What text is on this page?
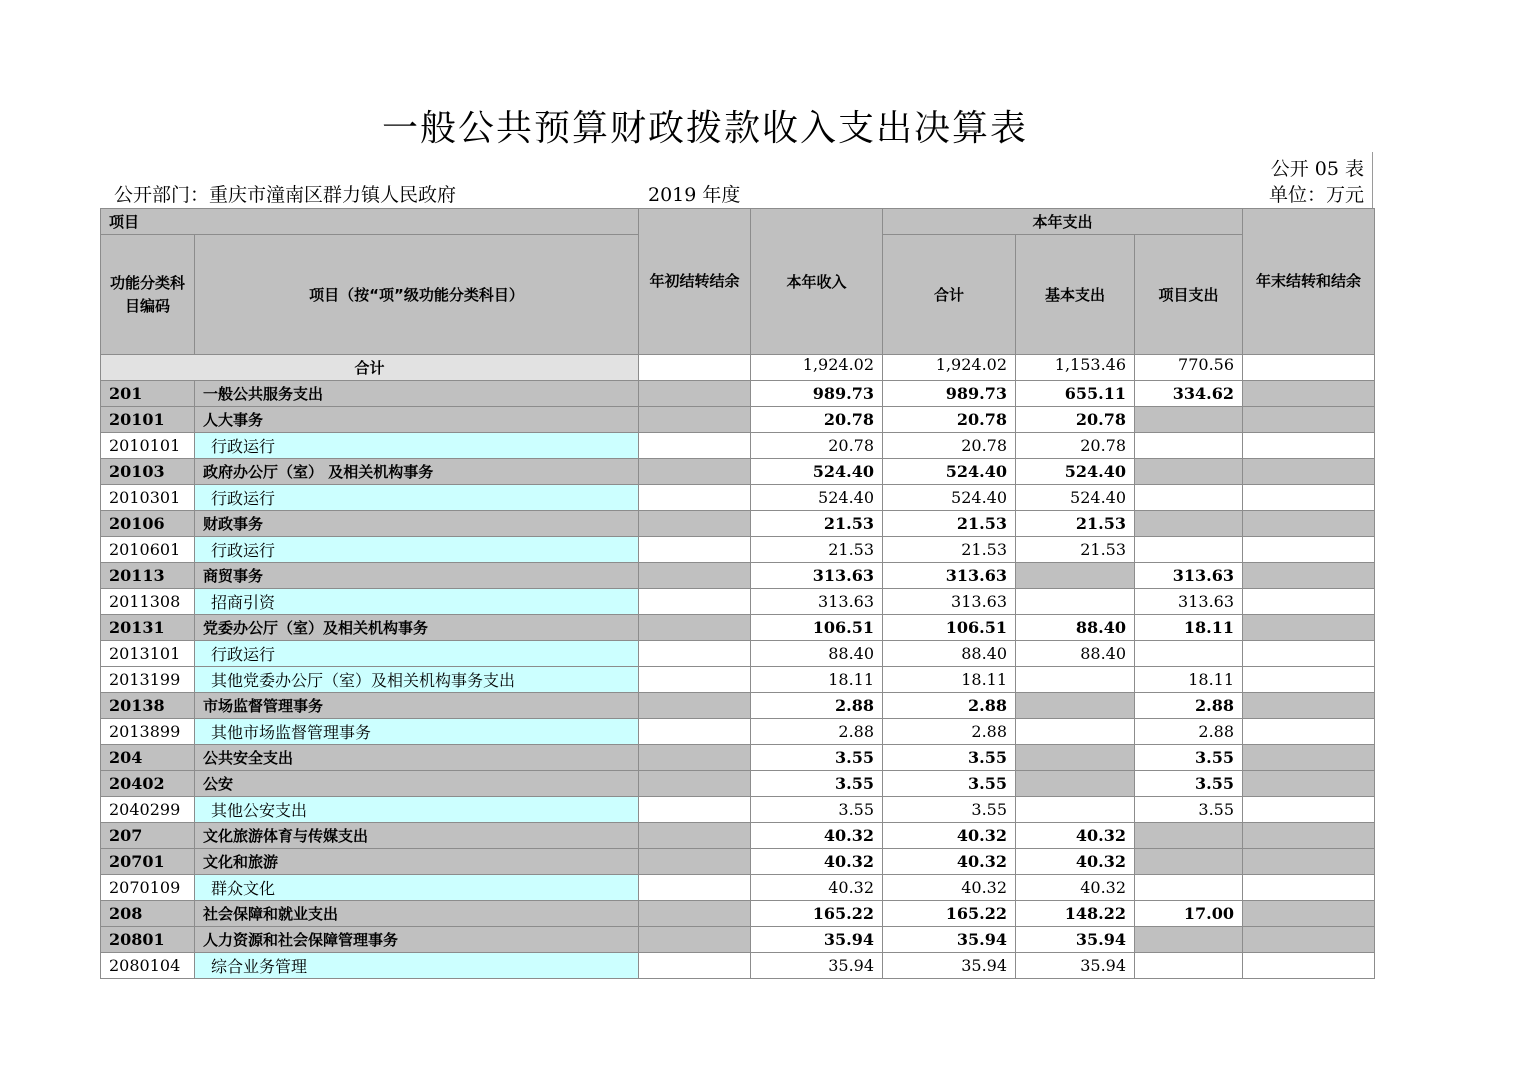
一般公共预算财政拨款收入支出决算表
公开部门：重庆市潼南区群力镇人民政府	2019 年度
公开 05 表
单位：万元
项目		年初结转结余	本年收入	本年支出			年末结转和结余
功能分类科目编码	项目（按“项”级功能分类科目）			合计	基本支出	项目支出	
合计			1,924.02	1,924.02	1,153.46	770.56	
201	一般公共服务支出		989.73	989.73	655.11	334.62	
20101	人大事务		20.78	20.78	20.78		
2010101	行政运行		20.78	20.78	20.78		
20103	政府办公厅（室） 及相关机构事务		524.40	524.40	524.40		
2010301	行政运行		524.40	524.40	524.40		
20106	财政事务		21.53	21.53	21.53		
2010601	行政运行		21.53	21.53	21.53		
20113	商贸事务		313.63	313.63		313.63	
2011308	招商引资		313.63	313.63		313.63	
20131	党委办公厅（室）及相关机构事务		106.51	106.51	88.40	18.11	
2013101	行政运行		88.40	88.40	88.40		
2013199	其他党委办公厅（室）及相关机构事务支出		18.11	18.11		18.11	
20138	市场监督管理事务		2.88	2.88		2.88	
2013899	其他市场监督管理事务		2.88	2.88		2.88	
204	公共安全支出		3.55	3.55		3.55	
20402	公安		3.55	3.55		3.55	
2040299	其他公安支出		3.55	3.55		3.55	
207	文化旅游体育与传媒支出		40.32	40.32	40.32		
20701	文化和旅游		40.32	40.32	40.32		
2070109	群众文化		40.32	40.32	40.32		
208	社会保障和就业支出		165.22	165.22	148.22	17.00	
20801	人力资源和社会保障管理事务		35.94	35.94	35.94		
2080104	综合业务管理		35.94	35.94	35.94		
